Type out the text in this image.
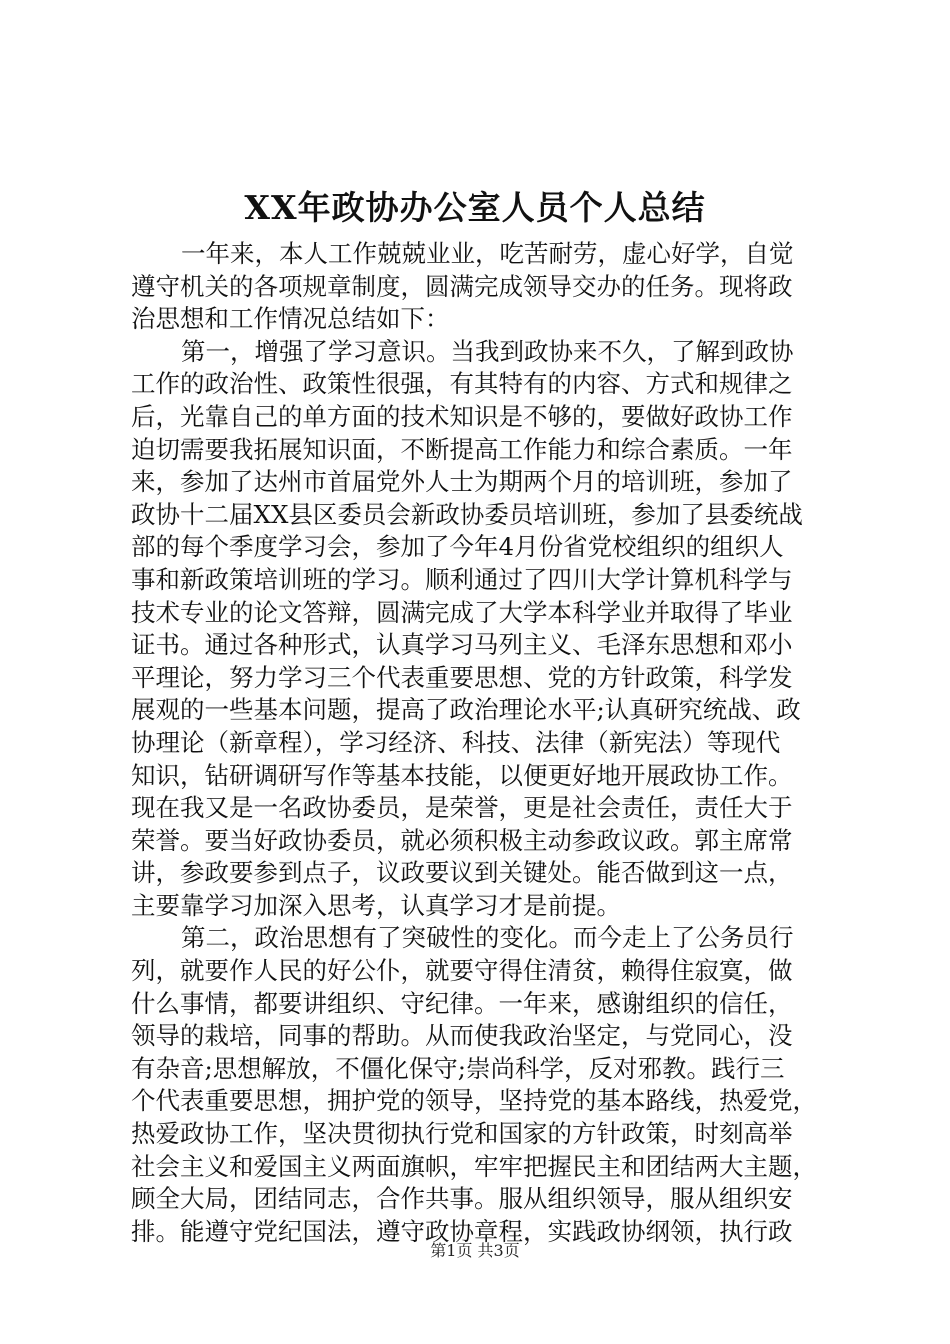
XX年政协办公室人员个人总结
一年来，本人工作兢兢业业，吃苦耐劳，虚心好学，自觉
遵守机关的各项规章制度，圆满完成领导交办的任务。现将政
治思想和工作情况总结如下：
第一，增强了学习意识。当我到政协来不久，了解到政协
工作的政治性、政策性很强，有其特有的内容、方式和规律之
后，光靠自己的单方面的技术知识是不够的，要做好政协工作
迫切需要我拓展知识面，不断提高工作能力和综合素质。一年
来，参加了达州市首届党外人士为期两个月的培训班，参加了
政协十二届XX县区委员会新政协委员培训班，参加了县委统战
部的每个季度学习会，参加了今年4月份省党校组织的组织人
事和新政策培训班的学习。顺利通过了四川大学计算机科学与
技术专业的论文答辩，圆满完成了大学本科学业并取得了毕业
证书。通过各种形式，认真学习马列主义、毛泽东思想和邓小
平理论，努力学习三个代表重要思想、党的方针政策，科学发
展观的一些基本问题，提高了政治理论水平;认真研究统战、政
协理论（新章程），学习经济、科技、法律（新宪法）等现代
知识，钻研调研写作等基本技能，以便更好地开展政协工作。
现在我又是一名政协委员，是荣誉，更是社会责任，责任大于
荣誉。要当好政协委员，就必须积极主动参政议政。郭主席常
讲，参政要参到点子，议政要议到关键处。能否做到这一点，
主要靠学习加深入思考，认真学习才是前提。
第二，政治思想有了突破性的变化。而今走上了公务员行
列，就要作人民的好公仆，就要守得住清贫，赖得住寂寞，做
什么事情，都要讲组织、守纪律。一年来，感谢组织的信任，
领导的栽培，同事的帮助。从而使我政治坚定，与党同心，没
有杂音;思想解放，不僵化保守;崇尚科学，反对邪教。践行三
个代表重要思想，拥护党的领导，坚持党的基本路线，热爱党，
热爱政协工作，坚决贯彻执行党和国家的方针政策，时刻高举
社会主义和爱国主义两面旗帜，牢牢把握民主和团结两大主题，
顾全大局，团结同志，合作共事。服从组织领导，服从组织安
排。能遵守党纪国法，遵守政协章程，实践政协纲领，执行政
第1页 共3页
